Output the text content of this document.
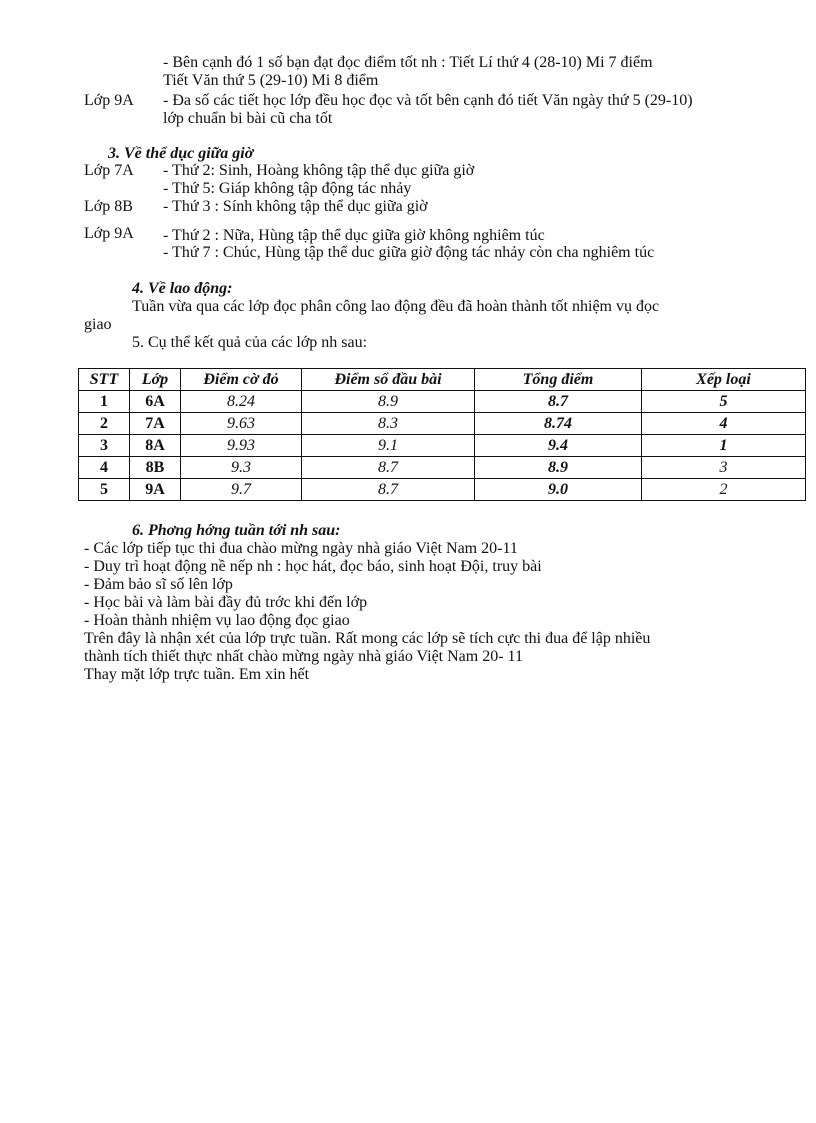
- Bên cạnh đó 1 số bạn đạt đọc điểm tốt nh : Tiết Lí thứ 4 (28-10) Mi 7 điểm
Tiết Văn thứ 5 (29-10) Mi 8 điểm
Lớp 9A - Đa số các tiết học lớp đều học đọc và tốt bên cạnh đó tiết Văn ngày thứ 5 (29-10)
lớp chuẩn bi bài cũ cha tốt
3. Về thể dục giữa giờ
Lớp 7A - Thứ 2: Sinh, Hoàng không tập thể dục giữa giờ
- Thứ 5: Giáp không tập động tác nhảy
Lớp 8B - Thứ 3 : Sính không tập thể dục giữa giờ
Lớp 9A - Thứ 2 : Nữa, Hùng tập thể dục giữa giờ không nghiêm túc
- Thứ 7 : Chúc, Hùng tập thể duc giữa giờ động tác nhảy còn cha nghiêm túc
4. Về lao động:
Tuần vừa qua các lớp đọc phân công lao động đều đã hoàn thành tốt nhiệm vụ đọc
giao
5. Cụ thể kết quả của các lớp nh sau:
STT	Lớp	Điểm cờ đỏ	Điểm sổ đầu bài	Tổng điểm	Xếp loại
1	6A	8.24	8.9	8.7	5
2	7A	9.63	8.3	8.74	4
3	8A	9.93	9.1	9.4	1
4	8B	9.3	8.7	8.9	3
5	9A	9.7	8.7	9.0	2
6. Phơng hớng tuần tới nh sau:
- Các lớp tiếp tục thi đua chào mừng ngày nhà giáo Việt Nam 20-11
- Duy trì hoạt động nề nếp nh : học hát, đọc báo, sinh hoạt Đội, truy bài
- Đảm bảo sĩ số lên lớp
- Học bài và làm bài đầy đủ trớc khi đến lớp
- Hoàn thành nhiệm vụ lao động đọc giao
Trên đây là nhận xét của lớp trực tuần. Rất mong các lớp sẽ tích cực thi đua để lập nhiều
thành tích thiết thực nhất chào mừng ngày nhà giáo Việt Nam 20- 11
Thay mặt lớp trực tuần. Em xin hết
